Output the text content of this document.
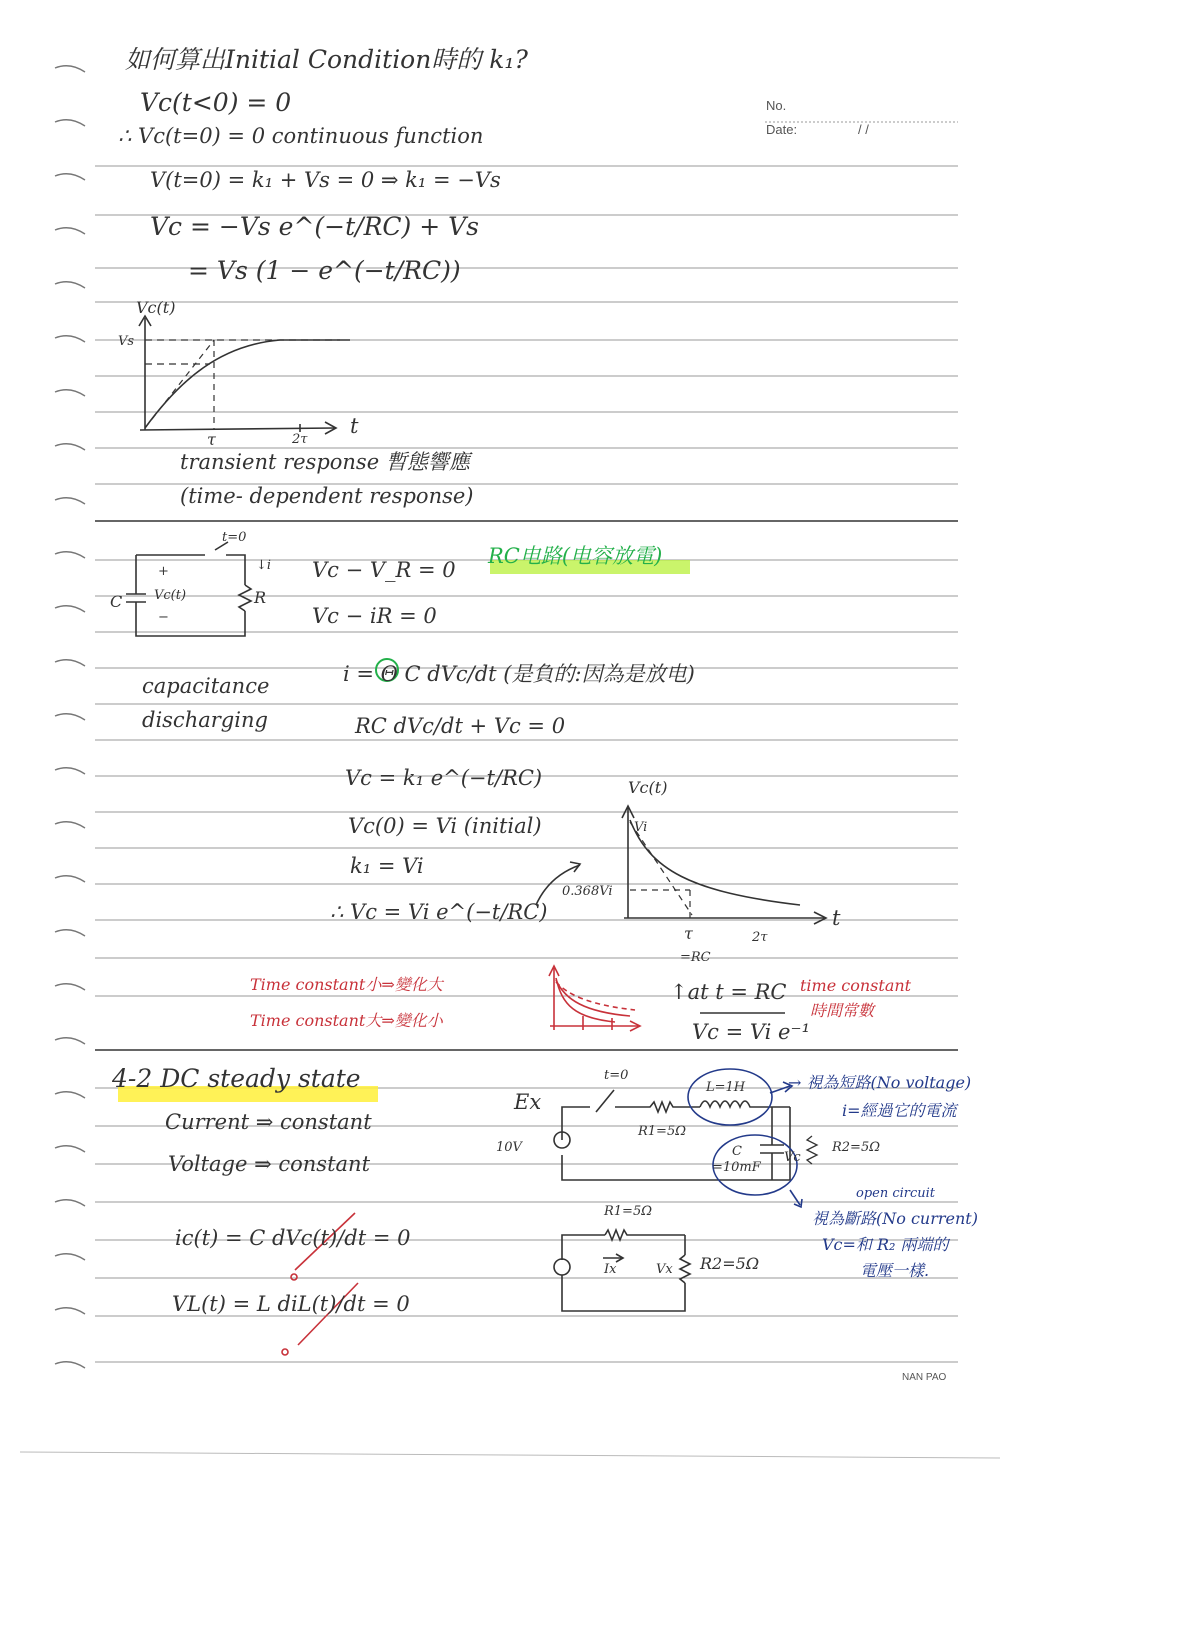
No.
Date:	/ /
NAN PAO
如何算出Initial Condition時的 k₁?
Vc(t<0) = 0
∴ Vc(t=0) = 0 continuous function
V(t=0) = k₁ + Vs = 0 ⇒ k₁ = −Vs
Vc = −Vs e^(−t/RC) + Vs
= Vs (1 − e^(−t/RC))
Vc(t)
Vs
τ	2τ
t
transient response 暫態響應
(time- dependent response)
RC电路(电容放電)
t=0
↓i
R
C Vc(t)
+
−
Vc − V_R = 0
Vc − iR = 0
capacitance
discharging
i = Θ C dVc/dt (是負的:因為是放电)
RC dVc/dt + Vc = 0
Vc = k₁ e^(−t/RC)
Vc(0) = Vi (initial)
k₁ = Vi
∴ Vc = Vi e^(−t/RC)
Vc(t)
Vi
0.368Vi
τ
=RC
2τ
t
Time constant小⇒變化大
Time constant大⇒變化小
↑at t = RC time constant
時間常數
Vc = Vi e⁻¹
4-2 DC steady state
Current ⇒ constant
Voltage ⇒ constant
ic(t) = C dVc(t)/dt = 0
VL(t) = L diL(t)/dt = 0
Ex
t=0
10V
R1=5Ω
R2=5Ω
L=1H
C
=10mF
Vc
→ 視為短路(No voltage)
i=經過它的電流
open circuit
視為斷路(No current)
Vc=和 R₂ 兩端的
電壓一樣.
R1=5Ω
Ix	Vx R2=5Ω
